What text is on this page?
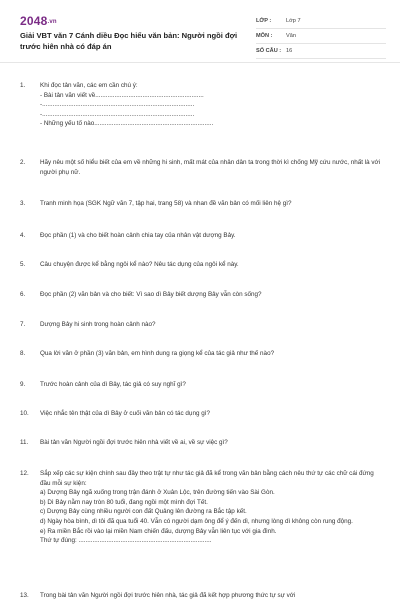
2048.vn
Giải VBT văn 7 Cánh diều Đọc hiểu văn bản: Người ngồi đợi trước hiên nhà có đáp án
LỚP :	Lớp 7
MÔN :	Văn
SỐ CÂU : 16
1. Khi đọc tản văn, các em cần chú ý:
- Bài tản văn viết về..............................................................
-.......................................................................................
-.......................................................................................
- Những yếu tố nào....................................................................
2. Hãy nêu một số hiểu biết của em về những hi sinh, mất mát của nhân dân ta trong thời kì chống Mỹ cứu nước, nhất là với người phụ nữ.
3. Tranh minh họa (SGK Ngữ văn 7, tập hai, trang 58) và nhan đề văn bản có mối liên hệ gì?
4. Đọc phần (1) và cho biết hoàn cảnh chia tay của nhân vật dượng Bảy.
5. Câu chuyện được kể bằng ngôi kể nào? Nêu tác dụng của ngôi kể này.
6. Đọc phần (2) văn bản và cho biết: Vì sao dì Bảy biết dượng Bảy vẫn còn sống?
7. Dượng Bảy hi sinh trong hoàn cảnh nào?
8. Qua lời văn ở phần (3) văn bản, em hình dung ra giọng kể của tác giả như thế nào?
9. Trước hoàn cảnh của dì Bảy, tác giả có suy nghĩ gì?
10. Việc nhắc tên thật của dì Bảy ở cuối văn bản có tác dụng gì?
11. Bài tản văn Người ngồi đợi trước hiên nhà viết về ai, về sự việc gì?
12. Sắp xếp các sự kiện chính sau đây theo trật tự như tác giả đã kể trong văn bản bằng cách nêu thứ tự các chữ cái đứng đầu mỗi sự kiện:
a) Dượng Bảy ngã xuống trong trận đánh ở Xuân Lộc, trên đường tiến vào Sài Gòn.
b) Dì Bảy nằm nay tròn 80 tuổi, đang ngồi một mình đợi Tết.
c) Dượng Bảy cùng nhiều người con đất Quảng lên đường ra Bắc tập kết.
d) Ngày hòa bình, dì tôi đã qua tuổi 40. Vẫn có người dạm ông để ý đến dì, nhưng lòng dì không còn rung động.
e) Ra miền Bắc rồi vào lại miền Nam chiến đấu, dượng Bảy vẫn liên tục với gia đình.
Thứ tự đúng: ............................................................................
13. Trong bài tản văn Người ngồi đợi trước hiên nhà, tác giả đã kết hợp phương thức tự sự với
